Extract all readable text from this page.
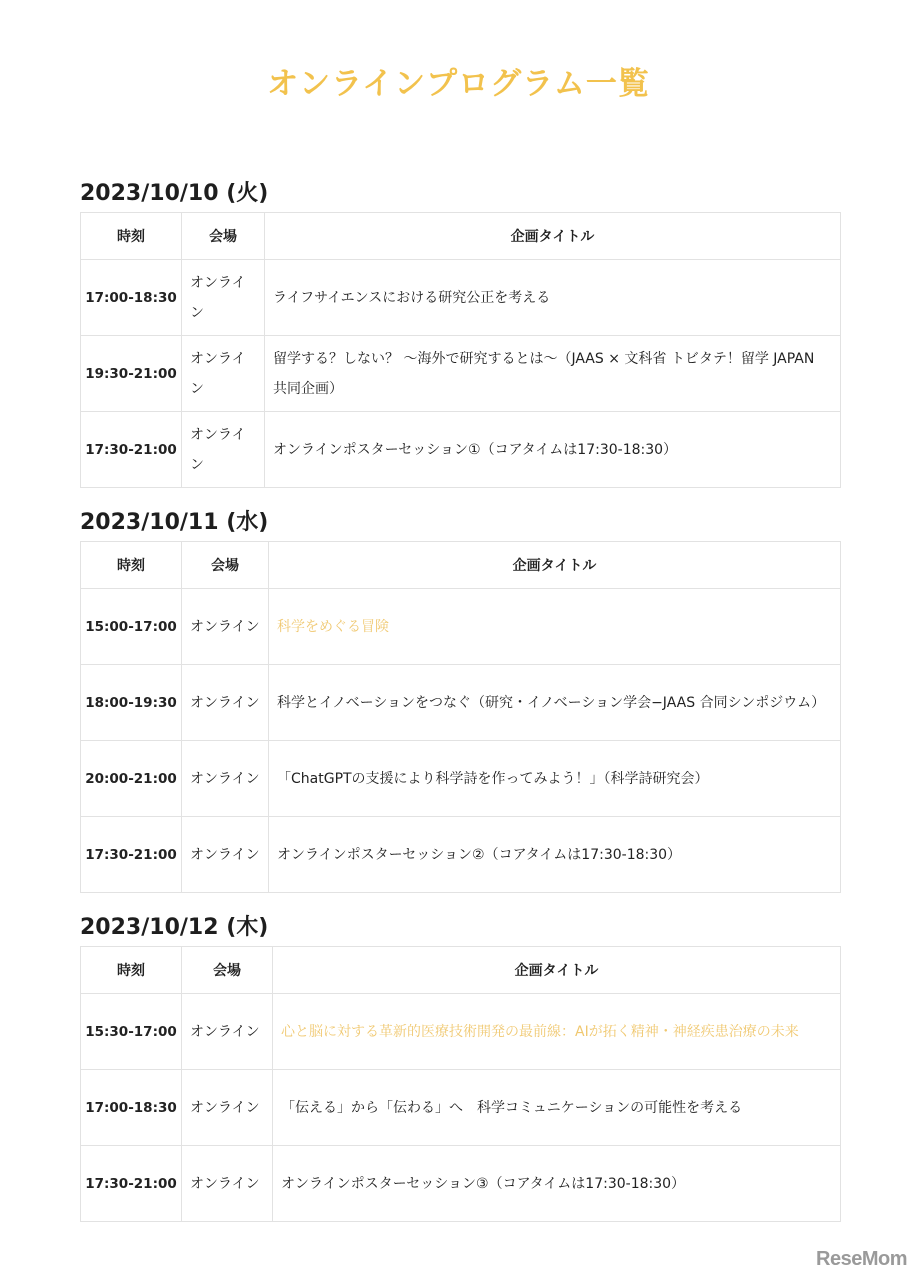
オンラインプログラム一覧
2023/10/10 (火)
時刻	会場	企画タイトル
17:00-18:30	オンライン	ライフサイエンスにおける研究公正を考える
19:30-21:00	オンライン	留学する？しない？ 〜海外で研究するとは〜（JAAS × 文科省 トビタテ！留学 JAPAN 共同企画）
17:30-21:00	オンライン	オンラインポスターセッション①（コアタイムは17:30-18:30）
2023/10/11 (水)
時刻	会場	企画タイトル
15:00-17:00	オンライン	科学をめぐる冒険
18:00-19:30	オンライン	科学とイノベーションをつなぐ（研究・イノベーション学会−JAAS 合同シンポジウム）
20:00-21:00	オンライン	「ChatGPTの支援により科学詩を作ってみよう！」（科学詩研究会）
17:30-21:00	オンライン	オンラインポスターセッション②（コアタイムは17:30-18:30）
2023/10/12 (木)
時刻	会場	企画タイトル
15:30-17:00	オンライン	心と脳に対する革新的医療技術開発の最前線：AIが拓く精神・神経疾患治療の未来
17:00-18:30	オンライン	「伝える」から「伝わる」へ　科学コミュニケーションの可能性を考える
17:30-21:00	オンライン	オンラインポスターセッション③（コアタイムは17:30-18:30）
ReseMom
